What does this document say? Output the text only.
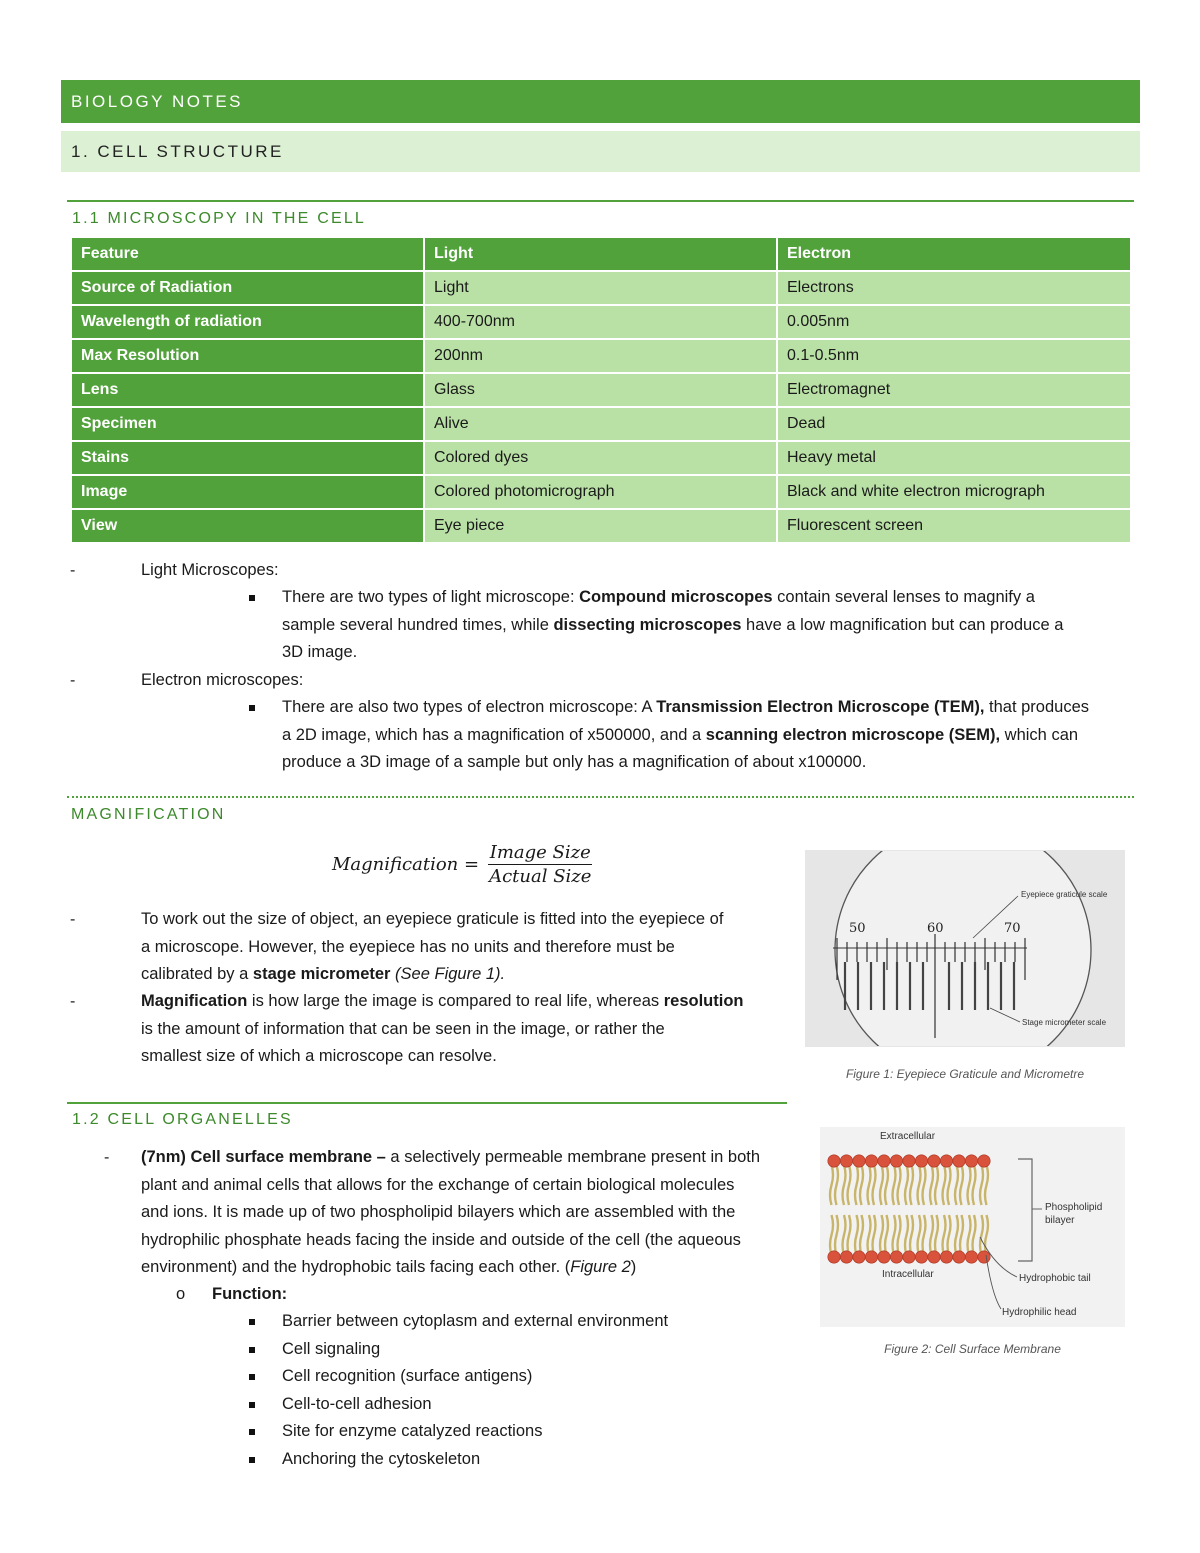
BIOLOGY NOTES
1. CELL STRUCTURE
1.1 MICROSCOPY IN THE CELL
Feature	Light	Electron
Source of Radiation	Light	Electrons
Wavelength of radiation	400-700nm	0.005nm
Max Resolution	200nm	0.1-0.5nm
Lens	Glass	Electromagnet
Specimen	Alive	Dead
Stains	Colored dyes	Heavy metal
Image	Colored photomicrograph	Black and white electron micrograph
View	Eye piece	Fluorescent screen
-	Light Microscopes:
There are two types of light microscope: Compound microscopes contain several lenses to magnify a
sample several hundred times, while dissecting microscopes have a low magnification but can produce a
3D image.
-	Electron microscopes:
There are also two types of electron microscope: A Transmission Electron Microscope (TEM), that produces
a 2D image, which has a magnification of x500000, and a scanning electron microscope (SEM), which can
produce a 3D image of a sample but only has a magnification of about x100000.
MAGNIFICATION
Magnification =
Image Size
Actual Size
-	To work out the size of object, an eyepiece graticule is fitted into the eyepiece of
a microscope. However, the eyepiece has no units and therefore must be
calibrated by a stage micrometer (See Figure 1).
-	Magnification is how large the image is compared to real life, whereas resolution
is the amount of information that can be seen in the image, or rather the
smallest size of which a microscope can resolve.
50	60	70
Eyepiece graticule scale
Stage micrometer scale
Figure 1: Eyepiece Graticule and Micrometre
1.2 CELL ORGANELLES
- (7nm) Cell surface membrane – a selectively permeable membrane present in both
plant and animal cells that allows for the exchange of certain biological molecules
and ions. It is made up of two phospholipid bilayers which are assembled with the
hydrophilic phosphate heads facing the inside and outside of the cell (the aqueous
environment) and the hydrophobic tails facing each other. (Figure 2)
o Function:
Barrier between cytoplasm and external environment
Cell signaling
Cell recognition (surface antigens)
Cell-to-cell adhesion
Site for enzyme catalyzed reactions
Anchoring the cytoskeleton
Extracellular
Intracellular
Phospholipid
bilayer
Hydrophobic tail
Hydrophilic head
Figure 2: Cell Surface Membrane
